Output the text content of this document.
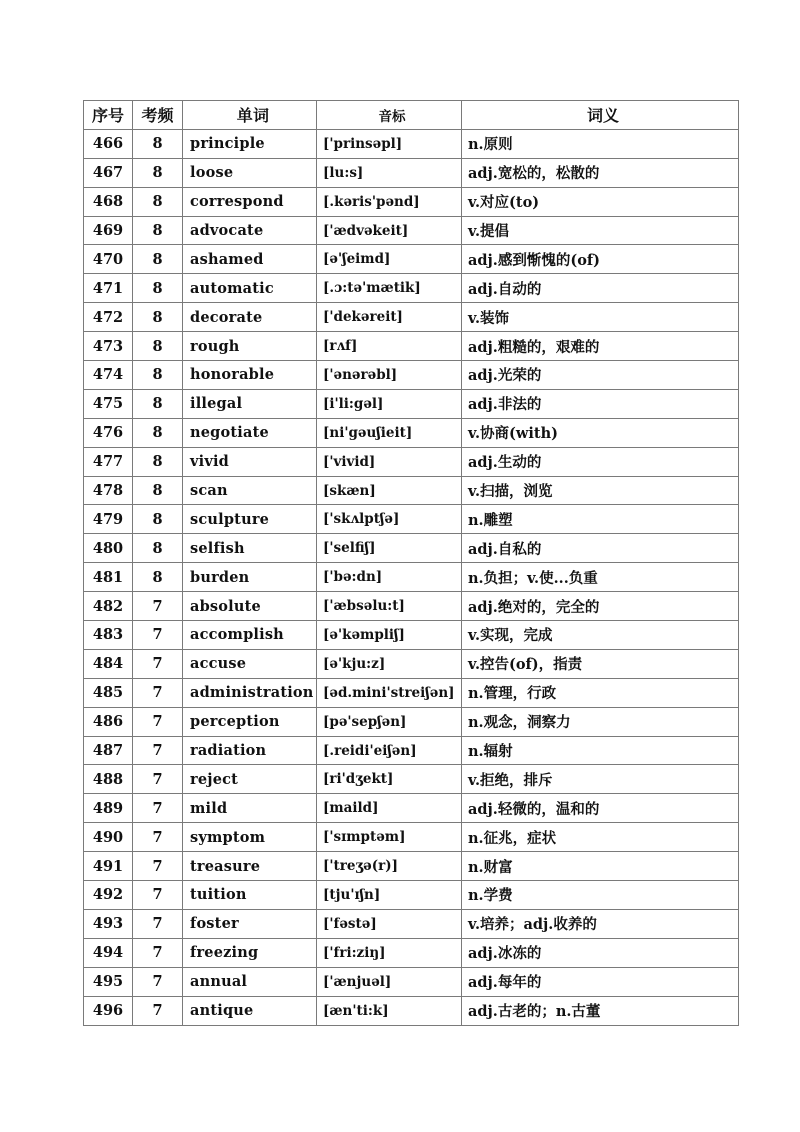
序号	考频	单词	音标	词义
466	8	principle	['prinsəpl]	n.原则
467	8	loose	[lu:s]	adj.宽松的，松散的
468	8	correspond	[.kəris'pənd]	v.对应(to)
469	8	advocate	['ædvəkeit]	v.提倡
470	8	ashamed	[ə'ʃeimd]	adj.感到惭愧的(of)
471	8	automatic	[.ɔ:tə'mætik]	adj.自动的
472	8	decorate	['dekəreit]	v.装饰
473	8	rough	[rʌf]	adj.粗糙的，艰难的
474	8	honorable	['ənərəbl]	adj.光荣的
475	8	illegal	[i'li:gəl]	adj.非法的
476	8	negotiate	[ni'gəuʃieit]	v.协商(with)
477	8	vivid	['vivid]	adj.生动的
478	8	scan	[skæn]	v.扫描，浏览
479	8	sculpture	['skʌlptʃə]	n.雕塑
480	8	selfish	['selfiʃ]	adj.自私的
481	8	burden	['bə:dn]	n.负担；v.使...负重
482	7	absolute	['æbsəlu:t]	adj.绝对的，完全的
483	7	accomplish	[ə'kəmpliʃ]	v.实现，完成
484	7	accuse	[ə'kju:z]	v.控告(of)，指责
485	7	administration	[əd.mini'streiʃən]	n.管理，行政
486	7	perception	[pə'sepʃən]	n.观念，洞察力
487	7	radiation	[.reidi'eiʃən]	n.辐射
488	7	reject	[ri'dʒekt]	v.拒绝，排斥
489	7	mild	[maild]	adj.轻微的，温和的
490	7	symptom	['sɪmptəm]	n.征兆，症状
491	7	treasure	['treʒə(r)]	n.财富
492	7	tuition	[tju'ɪʃn]	n.学费
493	7	foster	['fəstə]	v.培养；adj.收养的
494	7	freezing	['fri:ziŋ]	adj.冰冻的
495	7	annual	['ænjuəl]	adj.每年的
496	7	antique	[æn'ti:k]	adj.古老的；n.古董
